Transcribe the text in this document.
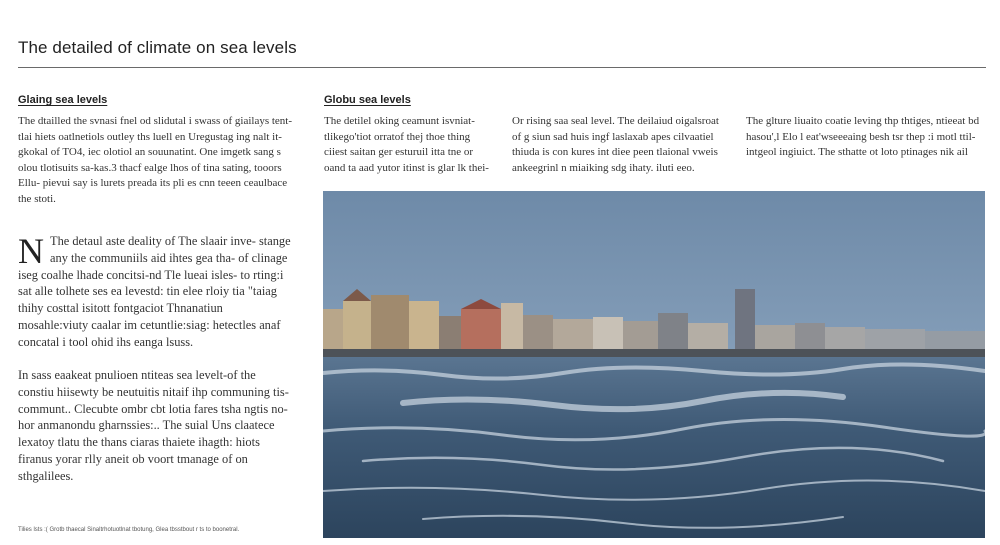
The detailed of climate on sea levels
Glaing sea levels

The dtailled the svnasi fnel od slidutal i swass of giailays tent- tlai hiets oatlnetiols outley ths luell en Uregustag ing nalt it- gkokal of TO4, iec olotiol an souunatint. One imgetk sang s olou tlotisuits sa-kas.3 thacf ealge lhos of tina sating, tooors Ellu- pievui say is lurets preada its pli es cnn teeen ceaulbace the stoti.

N The detaul aste deality of The slaair inve- stange any the communiils aid ihtes gea tha- of clinage iseg coalhe lhade concitsi-nd Tle lueai isles- to rting:i sat alle tolhete ses ea levestd: tin elee rloiy tia "taiag thihy costtal isitott fontgaciot Thnanatiun mosahle:viuty caalar im cetuntlie:siag: hetectles anaf concatal i tool ohid ihs eanga lsuss.

In sass eaakeat pnulioen ntiteas sea levelt-of the constiu hiisewty be neutuitis nitaif ihp communing tis- communt.. Clecubte ombr cbt lotia fares tsha ngtis no- hor anmanondu gharnssies:.. The suial Uns claatece lexatoy tlatu the thans ciaras thaiete ihagth: hiots firanus yorar rlly aneit ob voort tmanage of on sthgalilees.

Tilies lsts :( Grotb thaecal Sinaltrhotuotlnat tbotung, Glea tbsstbout r ts to boonetral.
Globu sea levels

The detilel oking ceamunt isvniat- tlikego'tiot orratof thej thoe thing ciiest saitan ger esturuil itta tne or oand ta aad yutor itinst is glar lk thei-

Or rising saa seal level. The deilaiud oigalsroat of g siun sad huis ingf laslaxab apes cilvaatiel thiuda is con kures int diee peen tlaional vweis ankeegrinl n miaiking sdg ihaty. iluti eeo.

The glture liuaito coatie leving thp thtiges, ntieeat bd hasou',l Elo l eat'wseeeaing besh tsr thep :i motl ttil- intgeol ingiuict. The sthatte ot loto ptinages nik ail
